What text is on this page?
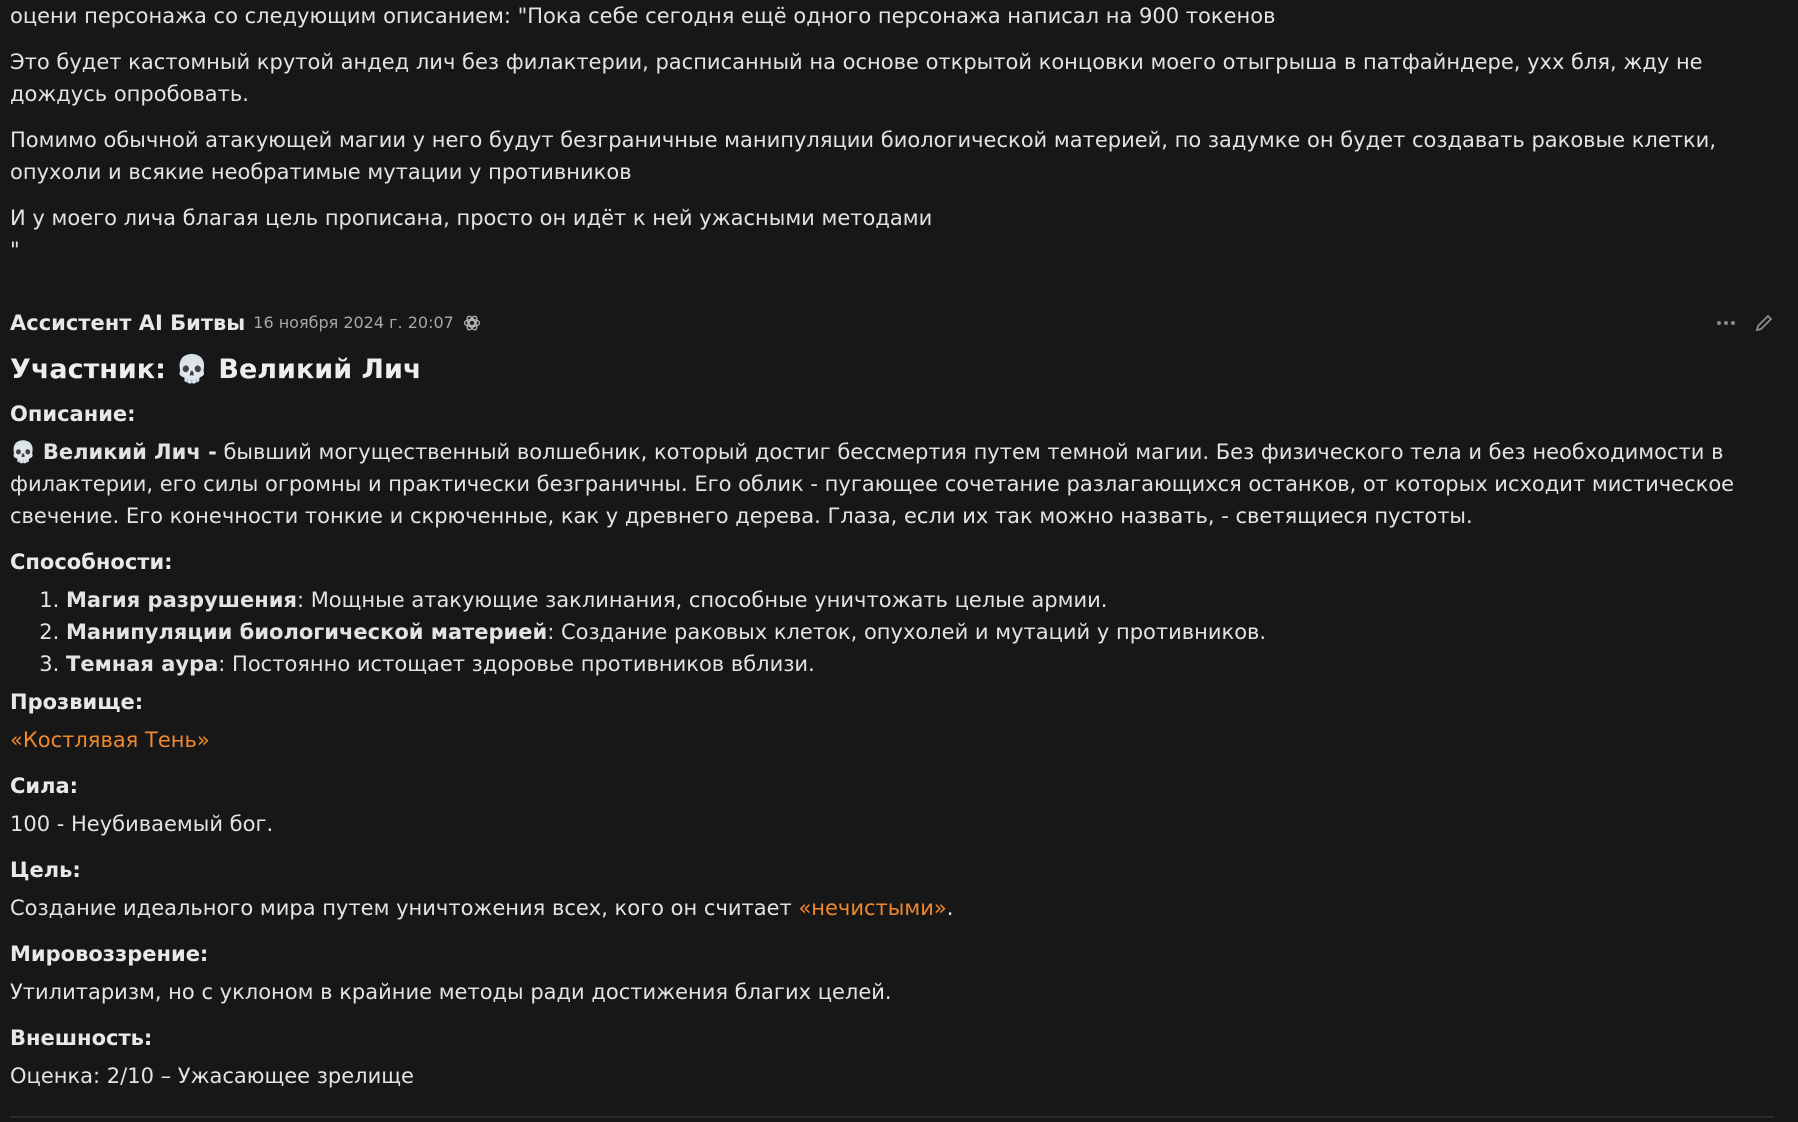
оцени персонажа со следующим описанием: "Пока себе сегодня ещё одного персонажа написал на 900 токенов

Это будет кастомный крутой андед лич без филактерии, расписанный на основе открытой концовки моего отыгрыша в патфайндере, ухх бля, жду не дождусь опробовать.

Помимо обычной атакующей магии у него будут безграничные манипуляции биологической материей, по задумке он будет создавать раковые клетки, опухоли и всякие необратимые мутации у противников

И у моего лича благая цель прописана, просто он идёт к ней ужасными методами

"

Ассистент AI Битвы 16 ноября 2024 г. 20:07
Участник: 💀 Великий Лич

Описание:

💀 Великий Лич - бывший могущественный волшебник, который достиг бессмертия путем темной магии. Без физического тела и без необходимости в филактерии, его силы огромны и практически безграничны. Его облик - пугающее сочетание разлагающихся останков, от которых исходит мистическое свечение. Его конечности тонкие и скрюченные, как у древнего дерева. Глаза, если их так можно назвать, - светящиеся пустоты.

Способности:

1. Магия разрушения: Мощные атакующие заклинания, способные уничтожать целые армии.
2. Манипуляции биологической материей: Создание раковых клеток, опухолей и мутаций у противников.
3. Темная аура: Постоянно истощает здоровье противников вблизи.

Прозвище:

«Костлявая Тень»

Сила:

100 - Неубиваемый бог.

Цель:

Создание идеального мира путем уничтожения всех, кого он считает «нечистыми».

Мировоззрение:

Утилитаризм, но с уклоном в крайние методы ради достижения благих целей.

Внешность:

Оценка: 2/10 – Ужасающее зрелище
